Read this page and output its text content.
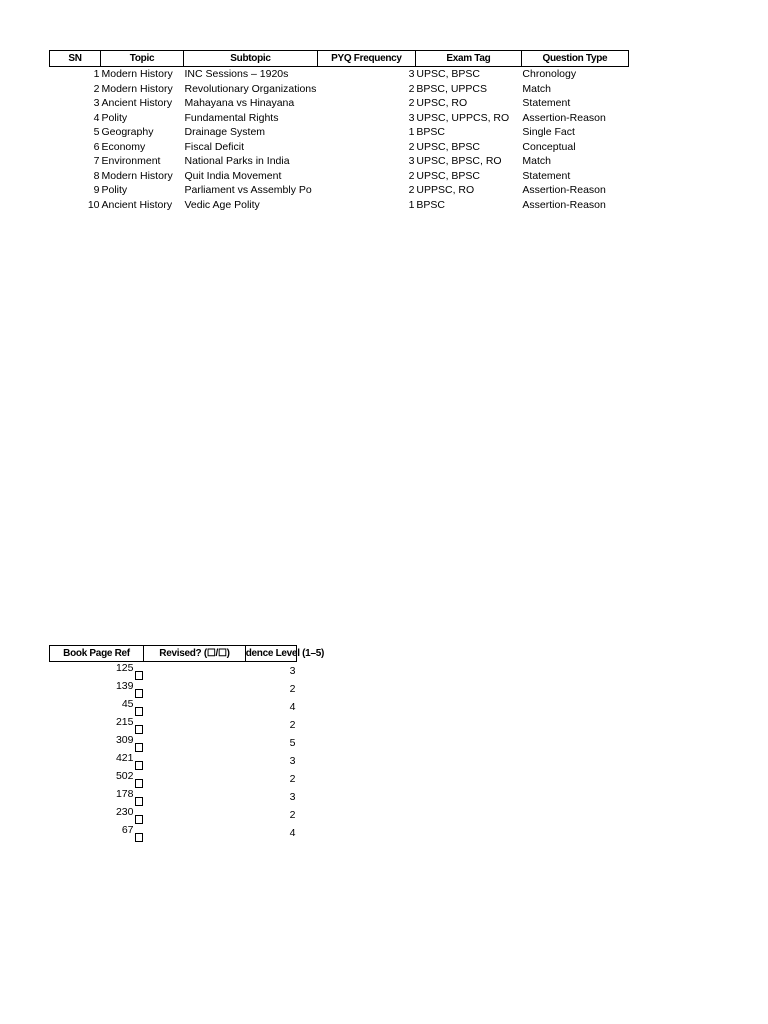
SN	Topic	Subtopic	PYQ Frequency	Exam Tag	Question Type
1	Modern History	INC Sessions – 1920s	3	UPSC, BPSC	Chronology
2	Modern History	Revolutionary Organizations	2	BPSC, UPPCS	Match
3	Ancient History	Mahayana vs Hinayana	2	UPSC, RO	Statement
4	Polity	Fundamental Rights	3	UPSC, UPPCS, RO	Assertion-Reason
5	Geography	Drainage System	1	BPSC	Single Fact
6	Economy	Fiscal Deficit	2	UPSC, BPSC	Conceptual
7	Environment	National Parks in India	3	UPSC, BPSC, RO	Match
8	Modern History	Quit India Movement	2	UPSC, BPSC	Statement
9	Polity	Parliament vs Assembly Po	2	UPPSC, RO	Assertion-Reason
10	Ancient History	Vedic Age Polity	1	BPSC	Assertion-Reason
Book Page Ref	Revised? (☐/☐)	dence Level (1–5)

125		3
139		2
45		4
215		2
309		5
421		3
502		2
178		3
230		2
67		4
